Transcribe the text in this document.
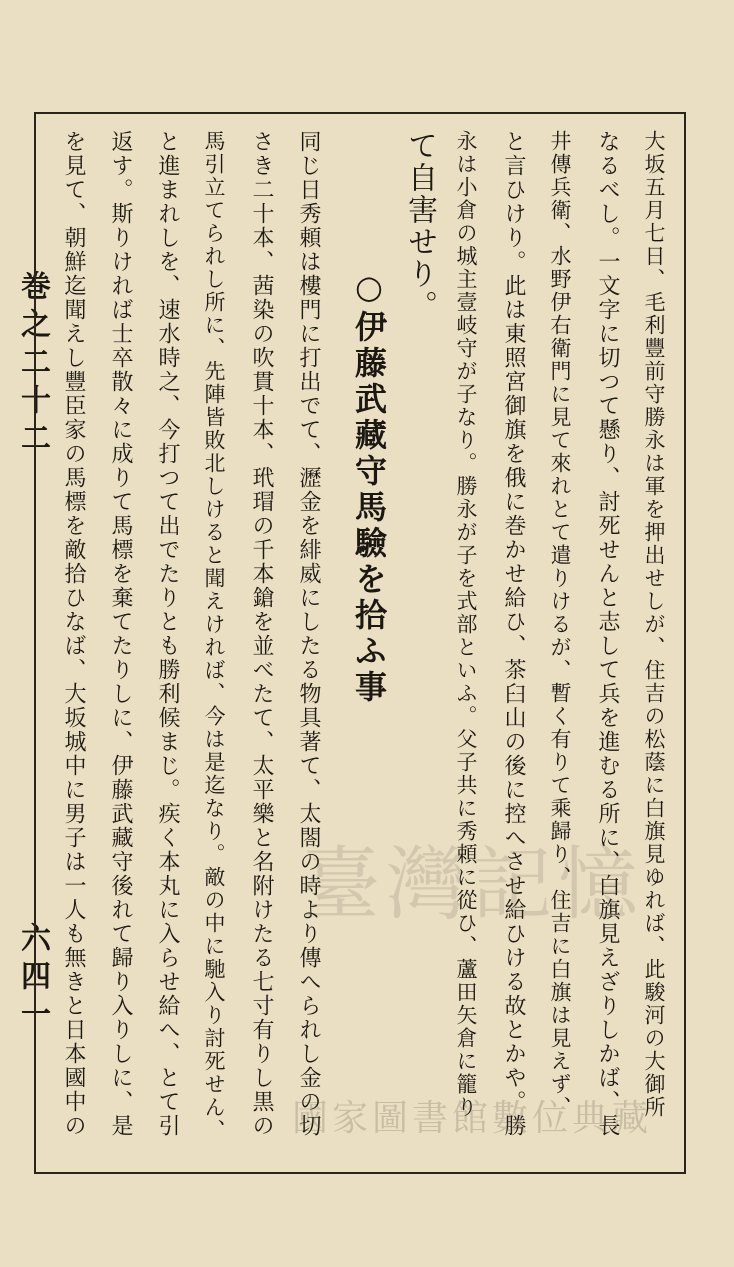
巻之二十二
六四一	大坂五月七日、毛利豐前守勝永は軍を押出せしが、住吉の松蔭に白旗見ゆれば、此駿河の大御所
なるべし。一文字に切つて懸り、討死せんと志して兵を進むる所に、白旗見えざりしかば、長
井傳兵衛、水野伊右衛門に見て來れとて遣りけるが、暫く有りて乘歸り、住吉に白旗は見えず、
と言ひけり。此は東照宮御旗を俄に巻かせ給ひ、茶臼山の後に控へさせ給ひける故とかや。勝
永は小倉の城主壹岐守が子なり。勝永が子を式部といふ。父子共に秀頼に從ひ、蘆田矢倉に籠り
て自害せり。
○伊藤武藏守馬驗を拾ふ事
同じ日秀頼は樓門に打出でて、瀝金を緋威にしたる物具著て、太閤の時より傳へられし金の切
さき二十本、茜染の吹貫十本、玳瑁の千本鎗を並べたて、太平樂と名附けたる七寸有りし黒の
馬引立てられし所に、先陣皆敗北しけると聞えければ、今は是迄なり。敵の中に馳入り討死せん、
と進まれしを、速水時之、今打つて出でたりとも勝利候まじ。疾く本丸に入らせ給へ、とて引
返す。斯りければ士卒散々に成りて馬標を棄てたりしに、伊藤武藏守後れて歸り入りしに、是
を見て、朝鮮迄聞えし豐臣家の馬標を敵拾ひなば、大坂城中に男子は一人も無きと日本國中の	臺灣記憶
國家圖書館數位典藏
